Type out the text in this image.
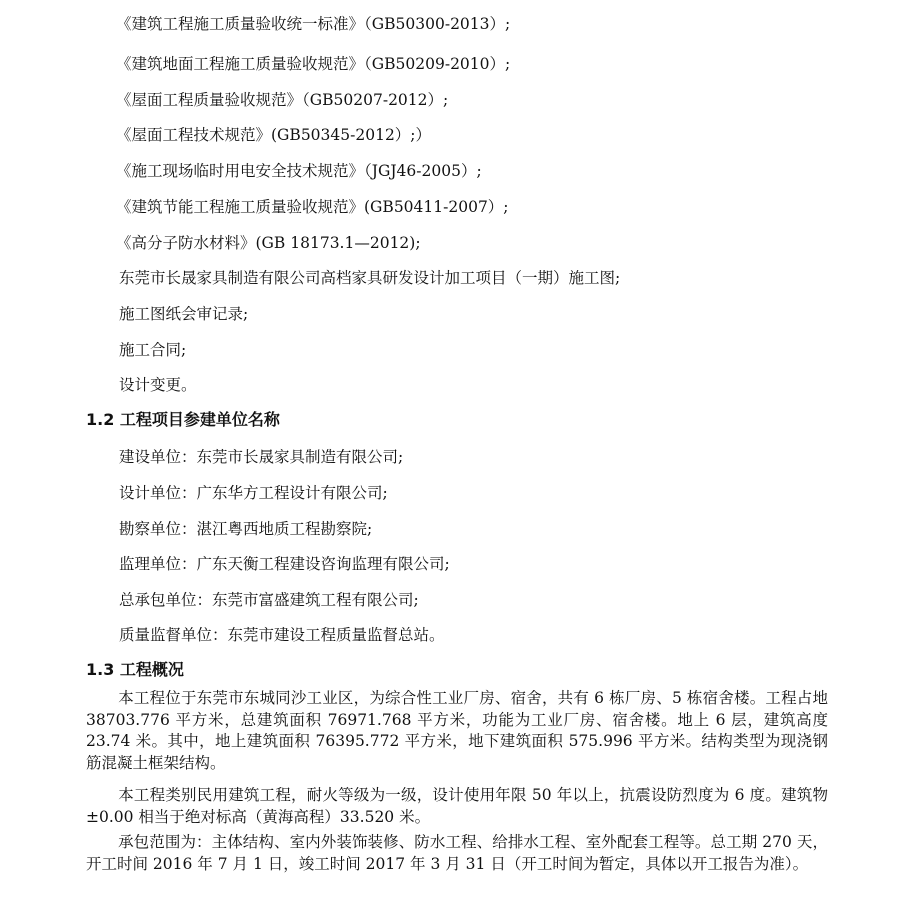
《建筑工程施工质量验收统一标准》（GB50300-2013）;
《建筑地面工程施工质量验收规范》（GB50209-2010）;
《屋面工程质量验收规范》（GB50207-2012）;
《屋面工程技术规范》(GB50345-2012）;）
《施工现场临时用电安全技术规范》（JGJ46-2005）;
《建筑节能工程施工质量验收规范》(GB50411-2007）;
《高分子防水材料》(GB 18173.1—2012);
东莞市长晟家具制造有限公司高档家具研发设计加工项目（一期）施工图;
施工图纸会审记录;
施工合同;
设计变更。
1.2 工程项目参建单位名称
建设单位：东莞市长晟家具制造有限公司;
设计单位：广东华方工程设计有限公司;
勘察单位：湛江粤西地质工程勘察院;
监理单位：广东天衡工程建设咨询监理有限公司;
总承包单位：东莞市富盛建筑工程有限公司;
质量监督单位：东莞市建设工程质量监督总站。
1.3 工程概况
本工程位于东莞市东城同沙工业区，为综合性工业厂房、宿舍，共有 6 栋厂房、5 栋宿舍楼。工程占地 38703.776 平方米，总建筑面积 76971.768 平方米，功能为工业厂房、宿舍楼。地上 6 层，建筑高度 23.74 米。其中，地上建筑面积 76395.772 平方米，地下建筑面积 575.996 平方米。结构类型为现浇钢筋混凝土框架结构。
本工程类别民用建筑工程，耐火等级为一级，设计使用年限 50 年以上，抗震设防烈度为 6 度。建筑物±0.00 相当于绝对标高（黄海高程）33.520 米。
承包范围为：主体结构、室内外装饰装修、防水工程、给排水工程、室外配套工程等。总工期 270 天，开工时间 2016 年 7 月 1 日，竣工时间 2017 年 3 月 31 日（开工时间为暂定，具体以开工报告为准）。
